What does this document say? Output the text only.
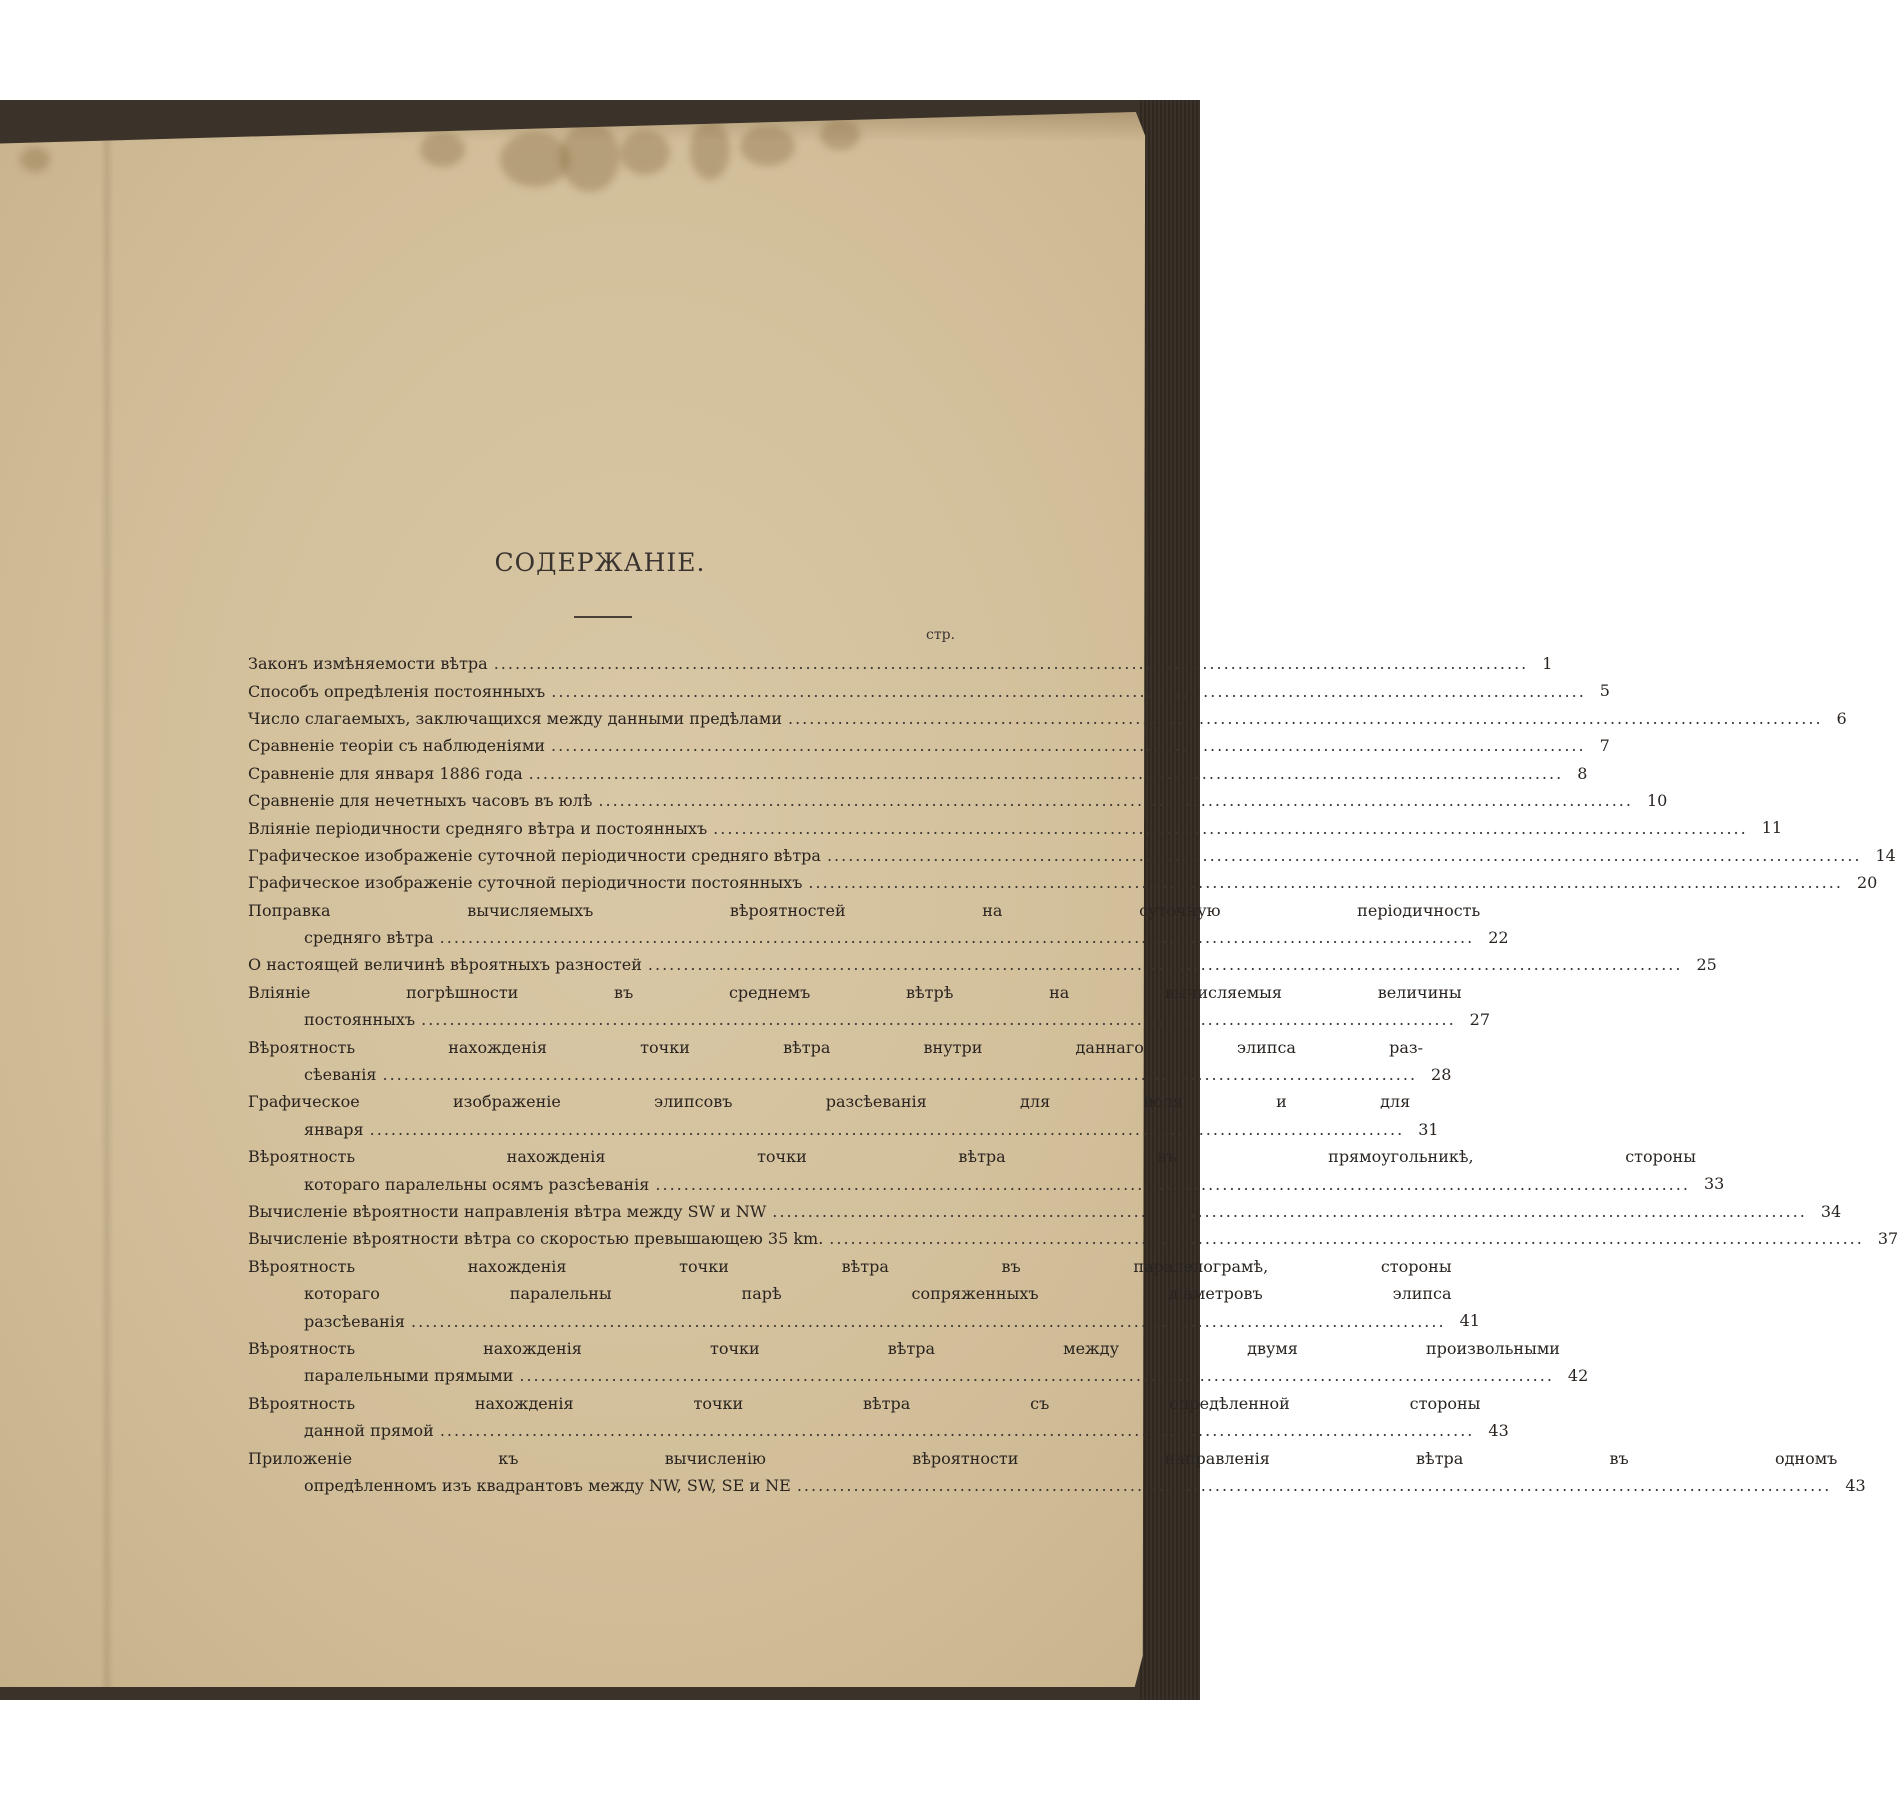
СОДЕРЖАНІЕ.
стр.
Законъ измѣняемости вѣтра .....	1
Способъ опредѣленія постоянныхъ .....	5
Число слагаемыхъ, заключащихся между данными предѣлами .....	6
Сравненіе теоріи съ наблюденіями .....	7
Сравненіе для января 1886 года .....	8
Сравненіе для нечетныхъ часовъ въ юлѣ .....	10
Вліяніе періодичности средняго вѣтра и постоянныхъ .....	11
Графическое изображеніе суточной періодичности средняго вѣтра .....	14
Графическое изображеніе суточной періодичности постоянныхъ .....	20
Поправка вычисляемыхъ вѣроятностей на суточную періодичность
средняго вѣтра .....	22
О настоящей величинѣ вѣроятныхъ разностей .....	25
Вліяніе погрѣшности въ среднемъ вѣтрѣ на вычисляемыя величины
постоянныхъ .....	27
Вѣроятность нахожденія точки вѣтра внутри даннаго элипса раз-
сѣеванія .....	28
Графическое изображеніе элипсовъ разсѣеванія для іюля и для
января .....	31
Вѣроятность нахожденія точки вѣтра въ прямоугольникѣ, стороны
котораго паралельны осямъ разсѣеванія .....	33
Вычисленіе вѣроятности направленія вѣтра между SW и NW .....	34
Вычисленіе вѣроятности вѣтра со скоростью превышающею 35 km. .....	37
Вѣроятность нахожденія точки вѣтра въ паралелограмѣ, стороны
котораго паралельны парѣ сопряженныхъ діаметровъ элипса
разсѣеванія .....	41
Вѣроятность нахожденія точки вѣтра между двумя произвольными
паралельными прямыми .....	42
Вѣроятность нахожденія точки вѣтра съ опредѣленной стороны
данной прямой .....	43
Приложеніе къ вычисленію вѣроятности направленія вѣтра въ одномъ
опредѣленномъ изъ квадрантовъ между NW, SW, SE и NE .....	43
